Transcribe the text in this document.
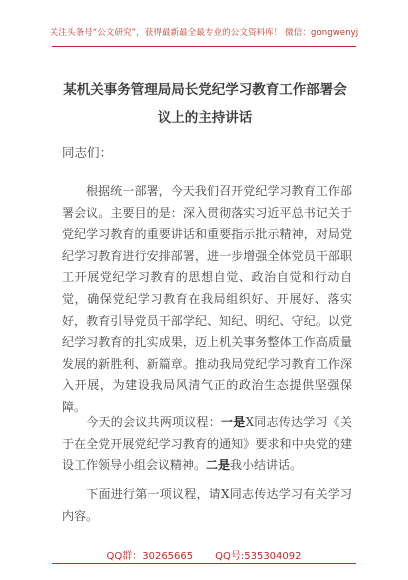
关注头条号“公文研究”，获得最新最全最专业的公文资料库！ 微信：gongwenyj
某机关事务管理局局长党纪学习教育工作部署会议上的主持讲话
同志们：
根据统一部署，今天我们召开党纪学习教育工作部署会议。主要目的是：深入贯彻落实习近平总书记关于党纪学习教育的重要讲话和重要指示批示精神，对局党纪学习教育进行安排部署，进一步增强全体党员干部职工开展党纪学习教育的思想自觉、政治自觉和行动自觉，确保党纪学习教育在我局组织好、开展好、落实好，教育引导党员干部学纪、知纪、明纪、守纪。以党纪学习教育的扎实成果，迈上机关事务整体工作高质量发展的新胜利、新篇章。推动我局党纪学习教育工作深入开展，为建设我局风清气正的政治生态提供坚强保障。
今天的会议共两项议程：一是X同志传达学习《关于在全党开展党纪学习教育的通知》要求和中央党的建设工作领导小组会议精神。二是我小结讲话。
下面进行第一项议程，请X同志传达学习有关学习内容。
QQ群：30265665 QQ号:535304092
